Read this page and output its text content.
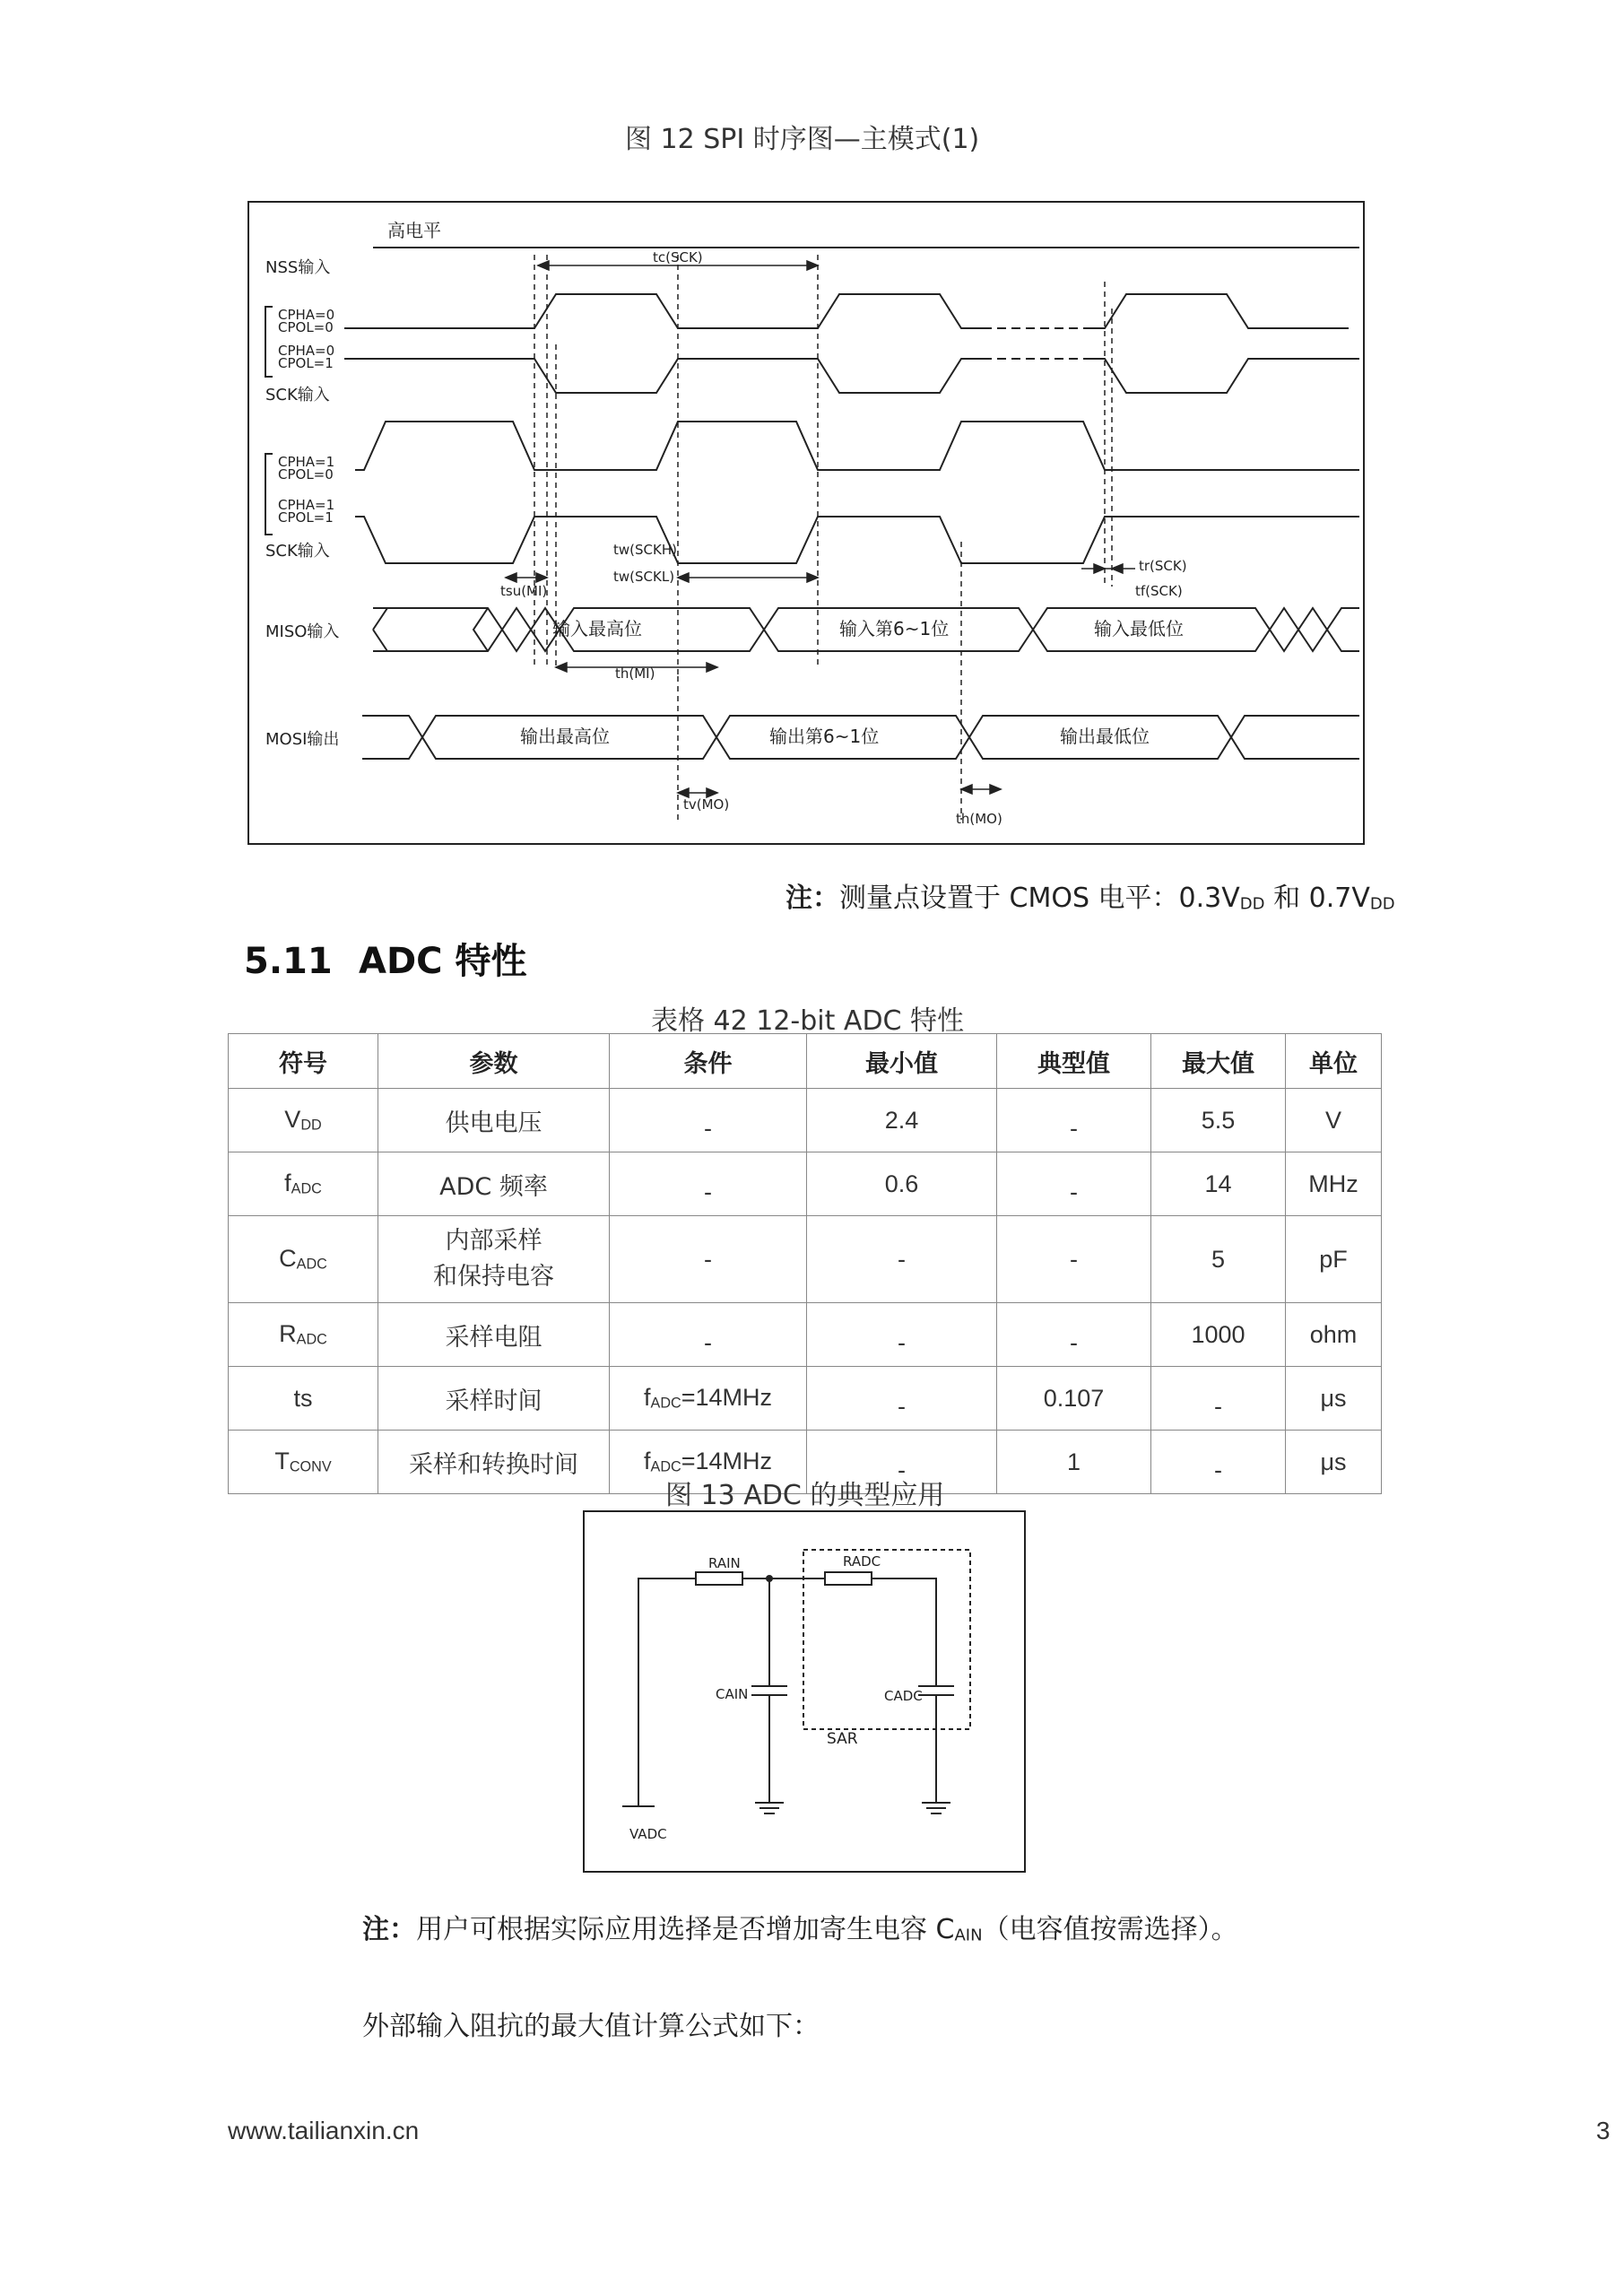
图 12 SPI 时序图—主模式(1)
高电平
NSS输入
CPHA=0
CPOL=0
CPHA=0
CPOL=1
SCK输入
CPHA=1
CPOL=0
CPHA=1
CPOL=1
SCK输入
MISO输入
MOSI输出
输入最高位	输入第6~1位	输入最低位
输出最高位	输出第6~1位	输出最低位
tc(SCK)
tw(SCKH)
tw(SCKL)
tsu(MI)
th(MI)
tv(MO)
th(MO)
tr(SCK)
tf(SCK)
注：测量点设置于 CMOS 电平：$0.3V_{DD}$ 和 $0.7V_{DD}$
5.11 ADC 特性
表格 42 12-bit ADC 特性
符号	参数	条件	最小值	典型值	最大值	单位
$V_{DD}$	供电电压	-	2.4	-	5.5	V
$f_{ADC}$	ADC 频率	-	0.6	-	14	MHz
$C_{ADC}$	内部采样
和保持电容	-	-	-	5	pF
$R_{ADC}$	采样电阻	-	-	-	1000	ohm
ts	采样时间	$f_{ADC}=14MHz$	-	0.107	-	μs
$T_{CONV}$	采样和转换时间	$f_{ADC}=14MHz$	-	1	-	μs
图 13 ADC 的典型应用
RAIN	RADC
CAIN	CADC
SAR
VADC
注：用户可根据实际应用选择是否增加寄生电容 $C_{AIN}$（电容值按需选择）。
外部输入阻抗的最大值计算公式如下：
www.tailianxin.cn	3
